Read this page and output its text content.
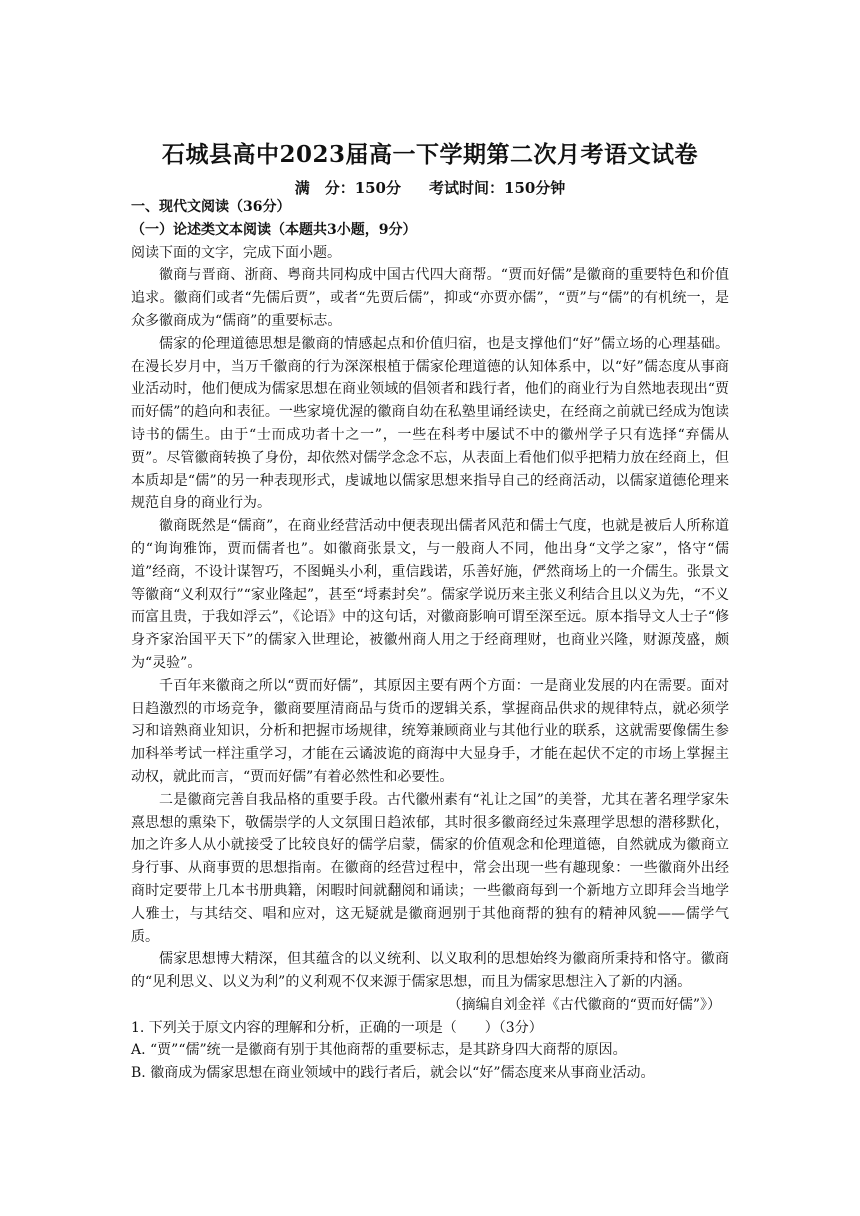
石城县高中2023届高一下学期第二次月考语文试卷
满　分：150分 考试时间：150分钟

一、现代文阅读（36分）

（一）论述类文本阅读（本题共3小题，9分）

阅读下面的文字，完成下面小题。

徽商与晋商、浙商、粤商共同构成中国古代四大商帮。“贾而好儒”是徽商的重要特色和价值追求。徽商们或者“先儒后贾”，或者“先贾后儒”，抑或“亦贾亦儒”，“贾”与“儒”的有机统一，是众多徽商成为“儒商”的重要标志。

儒家的伦理道德思想是徽商的情感起点和价值归宿，也是支撑他们“好”儒立场的心理基础。在漫长岁月中，当万千徽商的行为深深根植于儒家伦理道德的认知体系中，以“好”儒态度从事商业活动时，他们便成为儒家思想在商业领域的倡领者和践行者，他们的商业行为自然地表现出“贾而好儒”的趋向和表征。一些家境优渥的徽商自幼在私塾里诵经读史，在经商之前就已经成为饱读诗书的儒生。由于“士而成功者十之一”，一些在科考中屡试不中的徽州学子只有选择“弃儒从贾”。尽管徽商转换了身份，却依然对儒学念念不忘，从表面上看他们似乎把精力放在经商上，但本质却是“儒”的另一种表现形式，虔诚地以儒家思想来指导自己的经商活动，以儒家道德伦理来规范自身的商业行为。

徽商既然是“儒商”，在商业经营活动中便表现出儒者风范和儒士气度，也就是被后人所称道的“询询雅饰，贾而儒者也”。如徽商张景文，与一般商人不同，他出身“文学之家”，恪守“儒道”经商，不设计谋智巧，不图蝇头小利，重信践诺，乐善好施，俨然商场上的一介儒生。张景文等徽商“义利双行”“家业隆起”，甚至“埒素封矣”。儒家学说历来主张义利结合且以义为先，“不义而富且贵，于我如浮云”，《论语》中的这句话，对徽商影响可谓至深至远。原本指导文人士子“修身齐家治国平天下”的儒家入世理论，被徽州商人用之于经商理财，也商业兴隆，财源茂盛，颇为“灵验”。

千百年来徽商之所以“贾而好儒”，其原因主要有两个方面：一是商业发展的内在需要。面对日趋激烈的市场竞争，徽商要厘清商品与货币的逻辑关系，掌握商品供求的规律特点，就必须学习和谙熟商业知识，分析和把握市场规律，统筹兼顾商业与其他行业的联系，这就需要像儒生参加科举考试一样注重学习，才能在云谲波诡的商海中大显身手，才能在起伏不定的市场上掌握主动权，就此而言，“贾而好儒”有着必然性和必要性。

二是徽商完善自我品格的重要手段。古代徽州素有“礼让之国”的美誉，尤其在著名理学家朱熹思想的熏染下，敬儒崇学的人文氛围日趋浓郁，其时很多徽商经过朱熹理学思想的潜移默化，加之许多人从小就接受了比较良好的儒学启蒙，儒家的价值观念和伦理道德，自然就成为徽商立身行事、从商事贾的思想指南。在徽商的经营过程中，常会出现一些有趣现象：一些徽商外出经商时定要带上几本书册典籍，闲暇时间就翻阅和诵读；一些徽商每到一个新地方立即拜会当地学人雅士，与其结交、唱和应对，这无疑就是徽商迥别于其他商帮的独有的精神风貌——儒学气质。

儒家思想博大精深，但其蕴含的以义统利、以义取利的思想始终为徽商所秉持和恪守。徽商的“见利思义、以义为利”的义利观不仅来源于儒家思想，而且为儒家思想注入了新的内涵。

（摘编自刘金祥《古代徽商的“贾而好儒”》）

1. 下列关于原文内容的理解和分析，正确的一项是（　　）（3分）

A. “贾”“儒”统一是徽商有别于其他商帮的重要标志，是其跻身四大商帮的原因。

B. 徽商成为儒家思想在商业领域中的践行者后，就会以“好”儒态度来从事商业活动。
